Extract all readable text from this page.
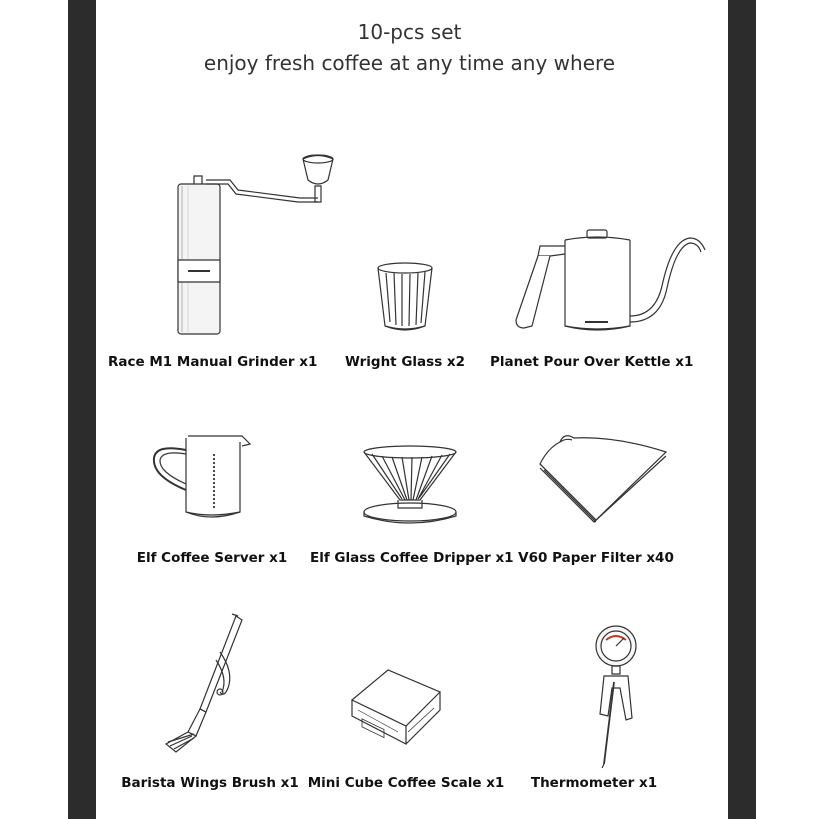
10-pcs set
enjoy fresh coffee at any time any where
Race M1 Manual Grinder x1	Wright Glass x2	Planet Pour Over Kettle x1
Elf Coffee Server x1	Elf Glass Coffee Dripper x1 V60 Paper Filter x40
Barista Wings Brush x1 Mini Cube Coffee Scale x1	Thermometer x1
